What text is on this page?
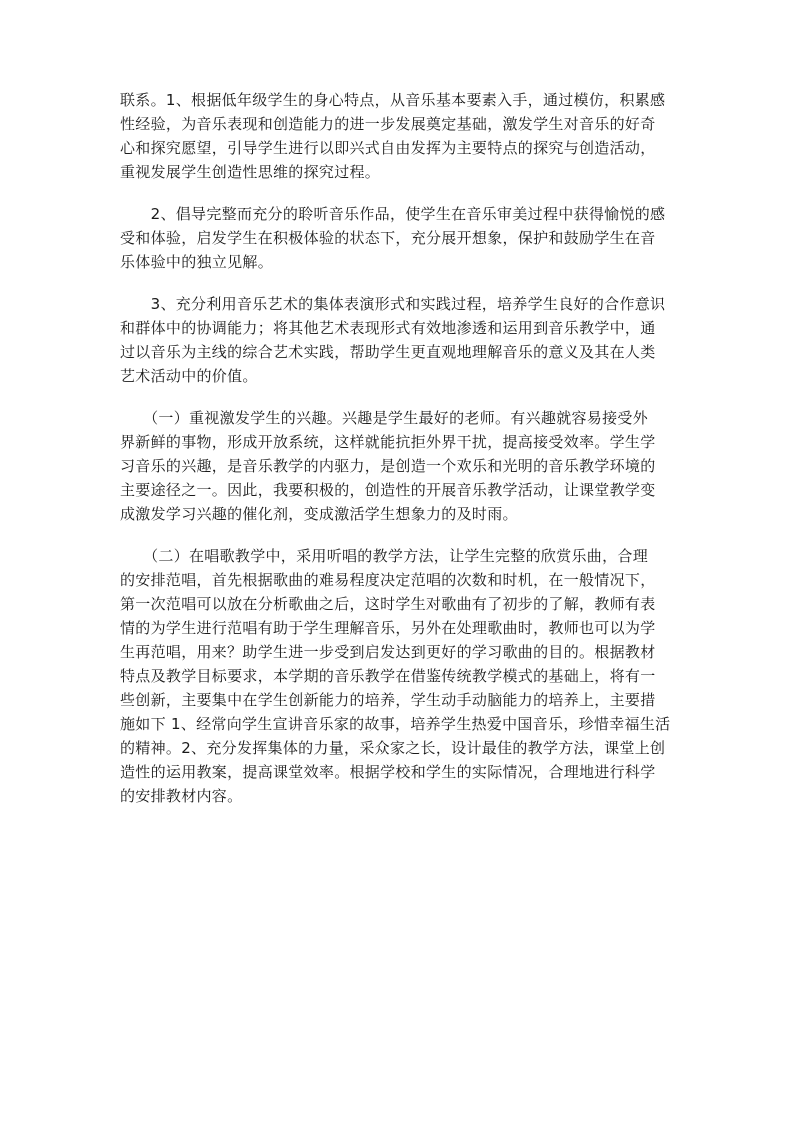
联系。1、根据低年级学生的身心特点，从音乐基本要素入手，通过模仿，积累感
性经验，为音乐表现和创造能力的进一步发展奠定基础，激发学生对音乐的好奇
心和探究愿望，引导学生进行以即兴式自由发挥为主要特点的探究与创造活动，
重视发展学生创造性思维的探究过程。

　　2、倡导完整而充分的聆听音乐作品，使学生在音乐审美过程中获得愉悦的感
受和体验，启发学生在积极体验的状态下，充分展开想象，保护和鼓励学生在音
乐体验中的独立见解。

　　3、充分利用音乐艺术的集体表演形式和实践过程，培养学生良好的合作意识
和群体中的协调能力；将其他艺术表现形式有效地渗透和运用到音乐教学中，通
过以音乐为主线的综合艺术实践，帮助学生更直观地理解音乐的意义及其在人类
艺术活动中的价值。

　　（一）重视激发学生的兴趣。兴趣是学生最好的老师。有兴趣就容易接受外
界新鲜的事物，形成开放系统，这样就能抗拒外界干扰，提高接受效率。学生学
习音乐的兴趣，是音乐教学的内驱力，是创造一个欢乐和光明的音乐教学环境的
主要途径之一。因此，我要积极的，创造性的开展音乐教学活动，让课堂教学变
成激发学习兴趣的催化剂，变成激活学生想象力的及时雨。

　　（二）在唱歌教学中，采用听唱的教学方法，让学生完整的欣赏乐曲，合理
的安排范唱，首先根据歌曲的难易程度决定范唱的次数和时机，在一般情况下，
第一次范唱可以放在分析歌曲之后，这时学生对歌曲有了初步的了解，教师有表
情的为学生进行范唱有助于学生理解音乐，另外在处理歌曲时，教师也可以为学
生再范唱，用来？助学生进一步受到启发达到更好的学习歌曲的目的。根据教材
特点及教学目标要求，本学期的音乐教学在借鉴传统教学模式的基础上，将有一
些创新，主要集中在学生创新能力的培养，学生动手动脑能力的培养上，主要措
施如下 1、经常向学生宣讲音乐家的故事，培养学生热爱中国音乐，珍惜幸福生活
的精神。2、充分发挥集体的力量，采众家之长，设计最佳的教学方法，课堂上创
造性的运用教案，提高课堂效率。根据学校和学生的实际情况，合理地进行科学
的安排教材内容。
